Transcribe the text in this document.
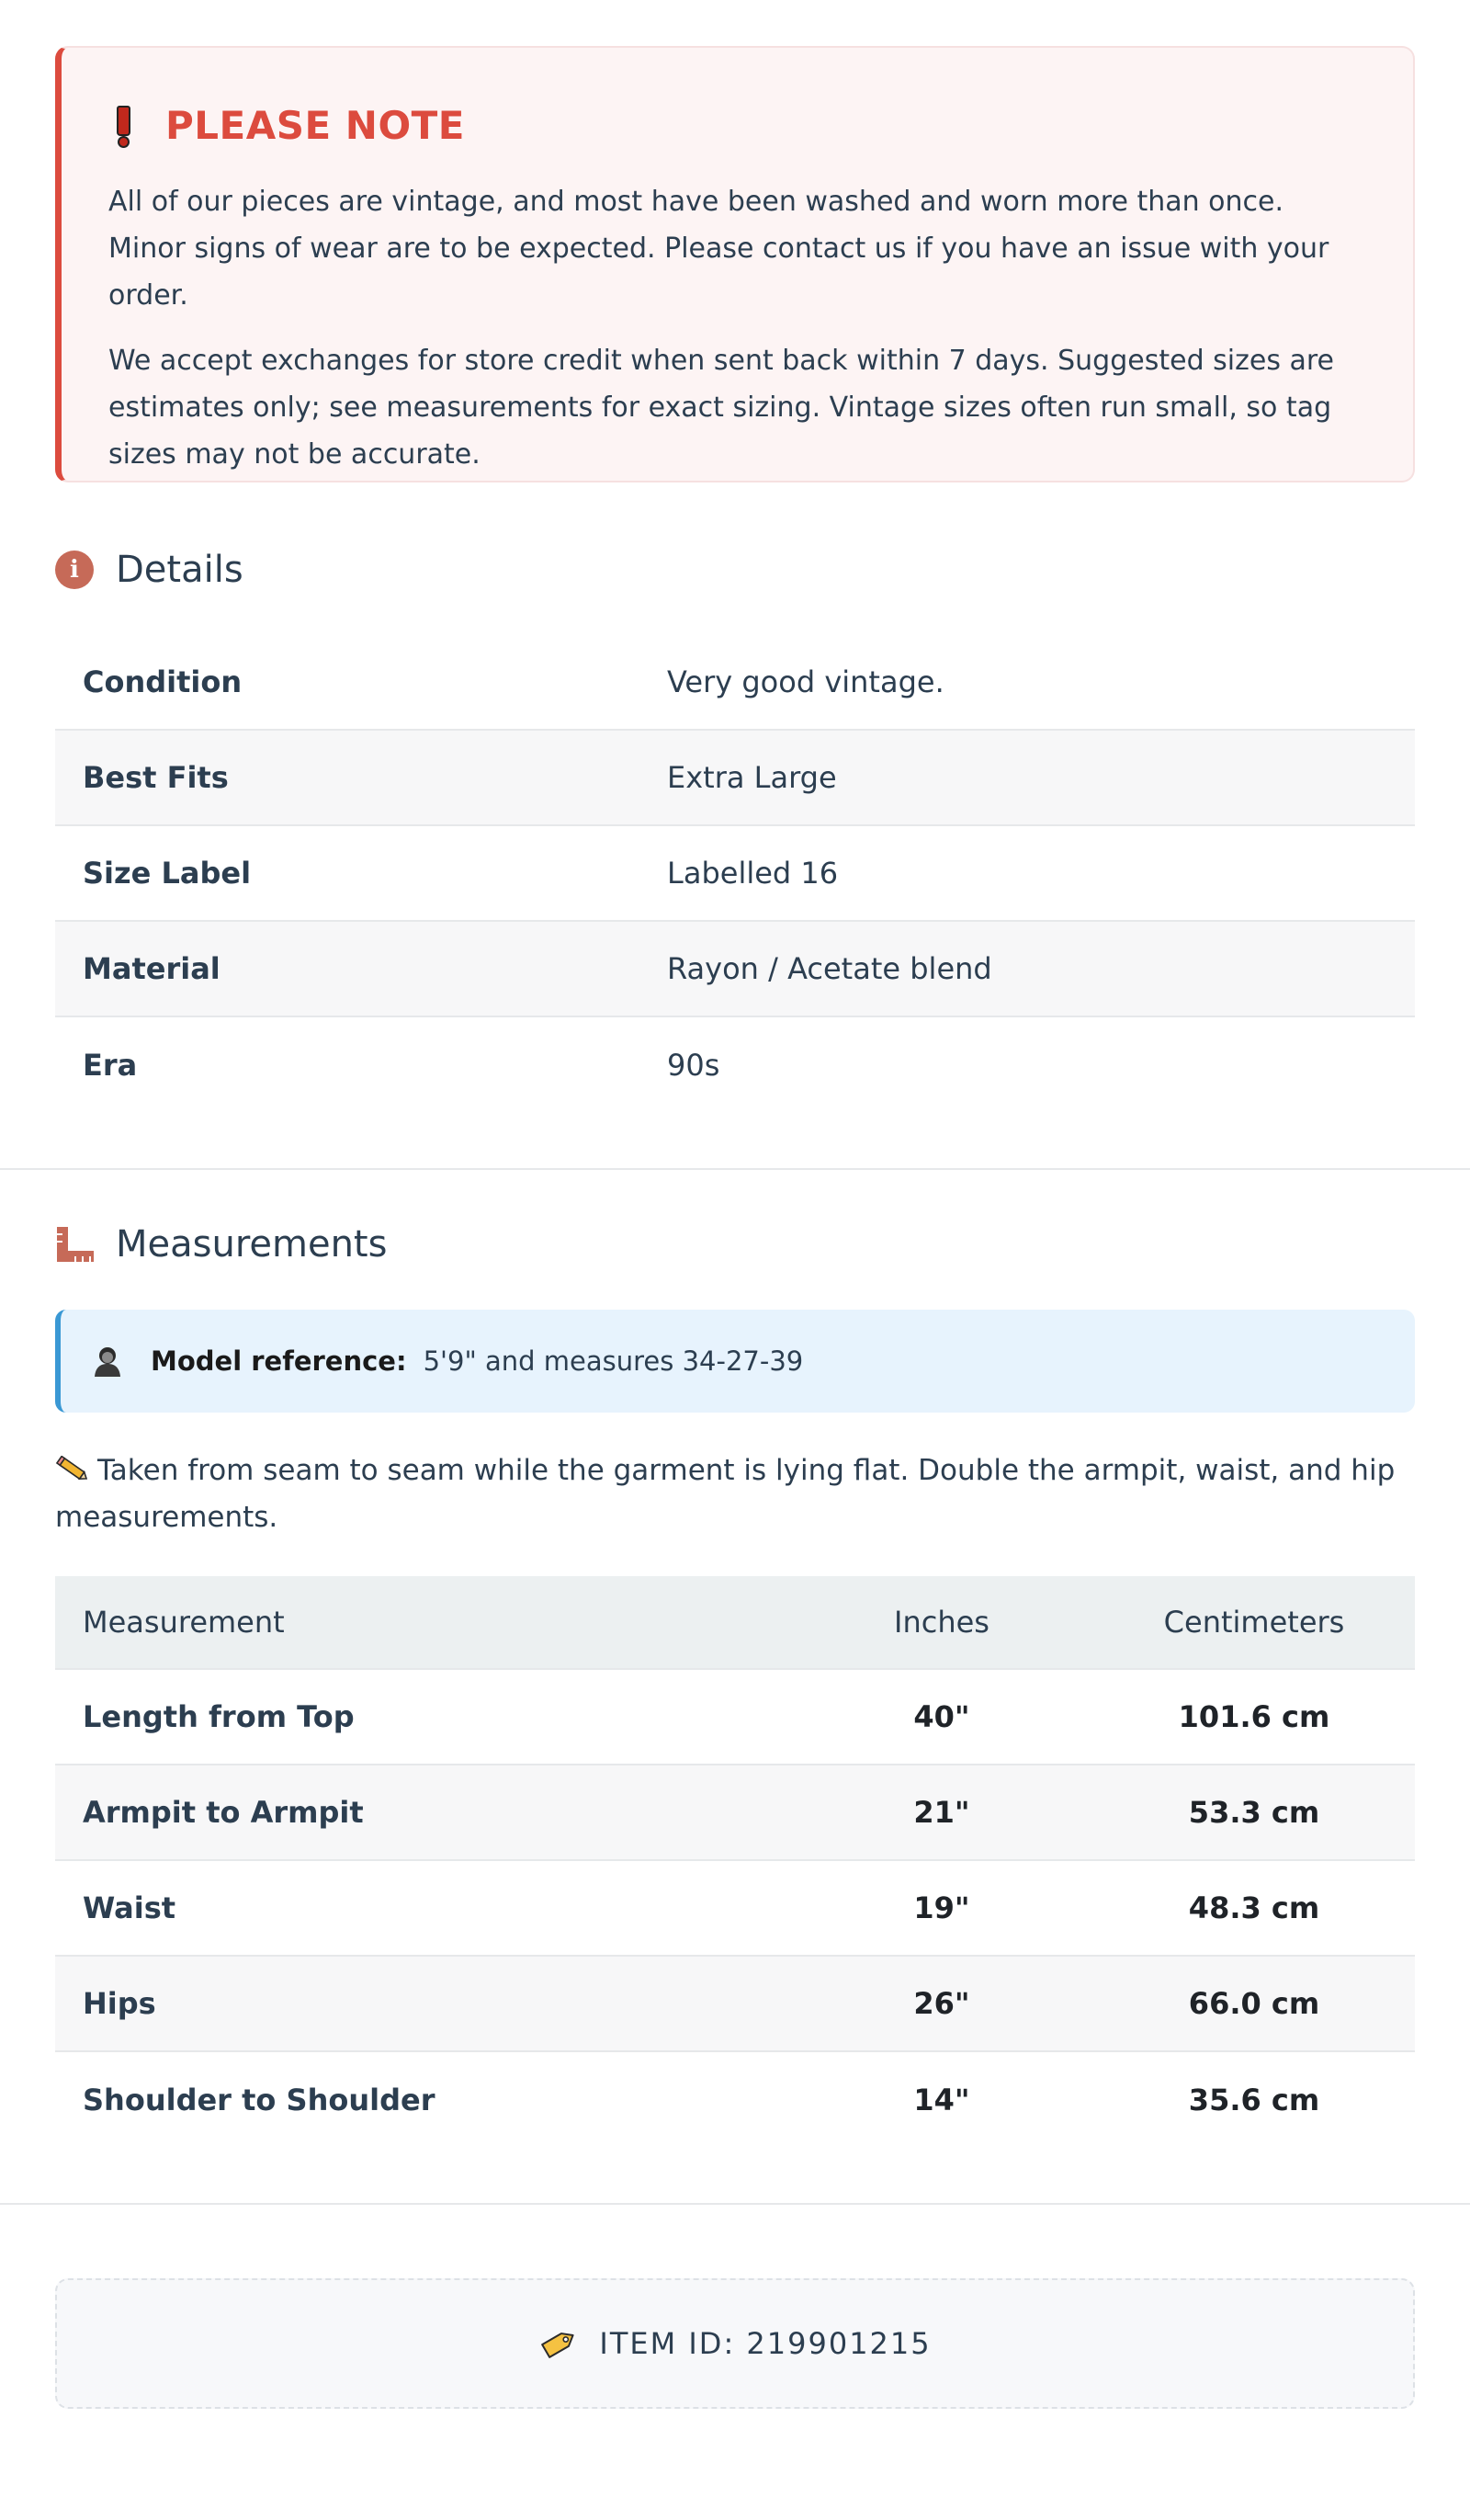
PLEASE NOTE

All of our pieces are vintage, and most have been washed and worn more than once. Minor signs of wear are to be expected. Please contact us if you have an issue with your order.

We accept exchanges for store credit when sent back within 7 days. Suggested sizes are estimates only; see measurements for exact sizing. Vintage sizes often run small, so tag sizes may not be accurate.

i	Details
Condition	Very good vintage.
Best Fits	Extra Large
Size Label	Labelled 16
Material	Rayon / Acetate blend
Era	90s
Measurements
Model reference: 5'9" and measures 34-27-39
Taken from seam to seam while the garment is lying flat. Double the armpit, waist, and hip measurements.
Measurement	Inches	Centimeters
Length from Top	40"	101.6 cm
Armpit to Armpit	21"	53.3 cm
Waist	19"	48.3 cm
Hips	26"	66.0 cm
Shoulder to Shoulder	14"	35.6 cm
ITEM ID: 219901215
